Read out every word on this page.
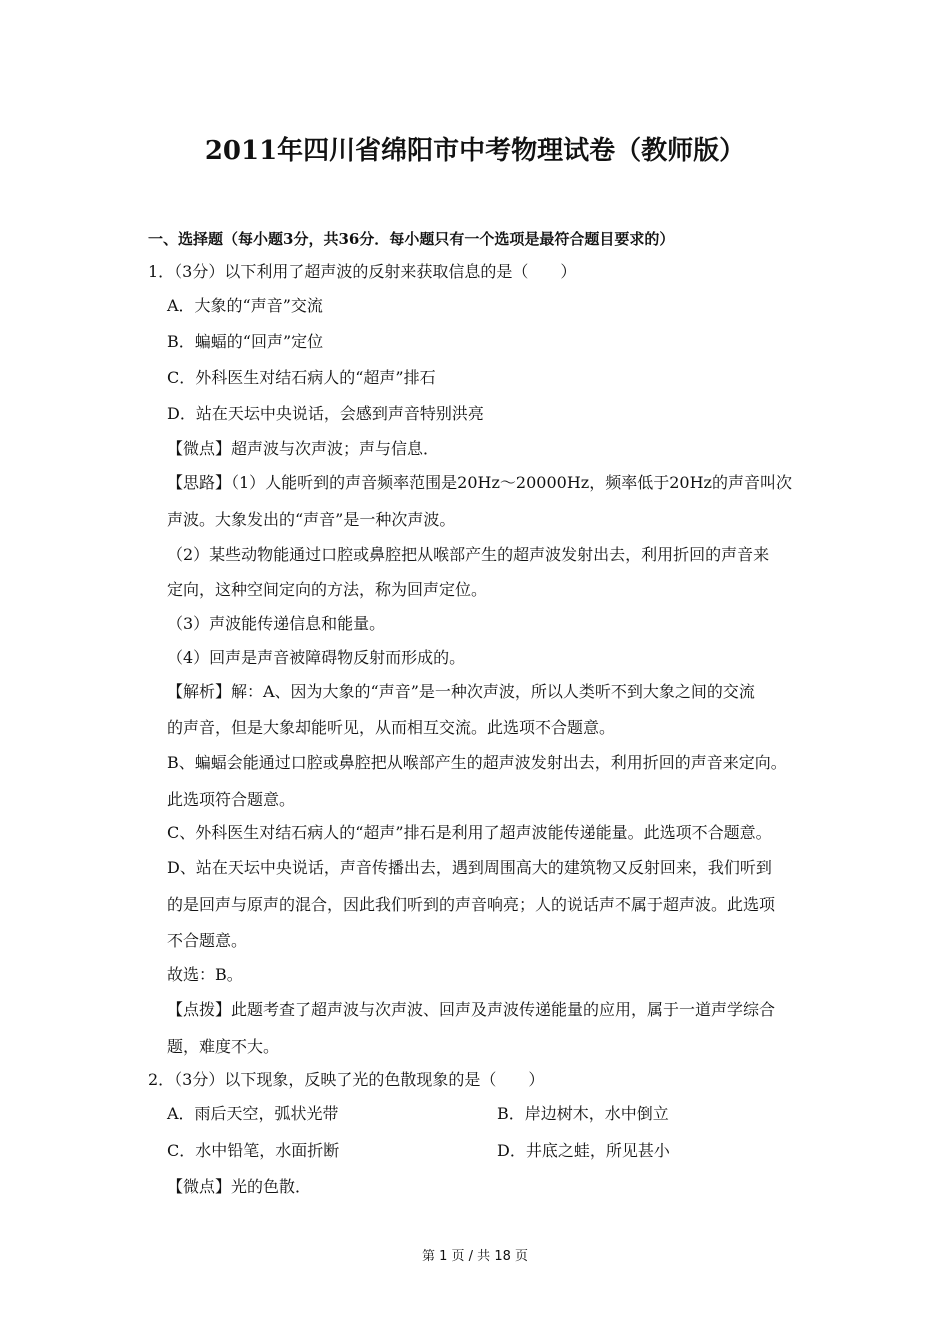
2011年四川省绵阳市中考物理试卷（教师版）
一、选择题（每小题3分，共36分．每小题只有一个选项是最符合题目要求的）
1．（3分）以下利用了超声波的反射来获取信息的是（　　）
A．大象的“声音”交流
B．蝙蝠的“回声”定位
C．外科医生对结石病人的“超声”排石
D．站在天坛中央说话，会感到声音特别洪亮
【微点】超声波与次声波；声与信息．
【思路】（1）人能听到的声音频率范围是20Hz～20000Hz，频率低于20Hz的声音叫次
声波。大象发出的“声音”是一种次声波。
（2）某些动物能通过口腔或鼻腔把从喉部产生的超声波发射出去，利用折回的声音来
定向，这种空间定向的方法，称为回声定位。
（3）声波能传递信息和能量。
（4）回声是声音被障碍物反射而形成的。
【解析】解：A、因为大象的“声音”是一种次声波，所以人类听不到大象之间的交流
的声音，但是大象却能听见，从而相互交流。此选项不合题意。
B、蝙蝠会能通过口腔或鼻腔把从喉部产生的超声波发射出去，利用折回的声音来定向。
此选项符合题意。
C、外科医生对结石病人的“超声”排石是利用了超声波能传递能量。此选项不合题意。
D、站在天坛中央说话，声音传播出去，遇到周围高大的建筑物又反射回来，我们听到
的是回声与原声的混合，因此我们听到的声音响亮；人的说话声不属于超声波。此选项
不合题意。
故选：B。
【点拨】此题考查了超声波与次声波、回声及声波传递能量的应用，属于一道声学综合
题，难度不大。
2．（3分）以下现象，反映了光的色散现象的是（　　）
A．雨后天空，弧状光带	B．岸边树木，水中倒立
C．水中铅笔，水面折断	D．井底之蛙，所见甚小
【微点】光的色散．
第 1 页 / 共 18 页
